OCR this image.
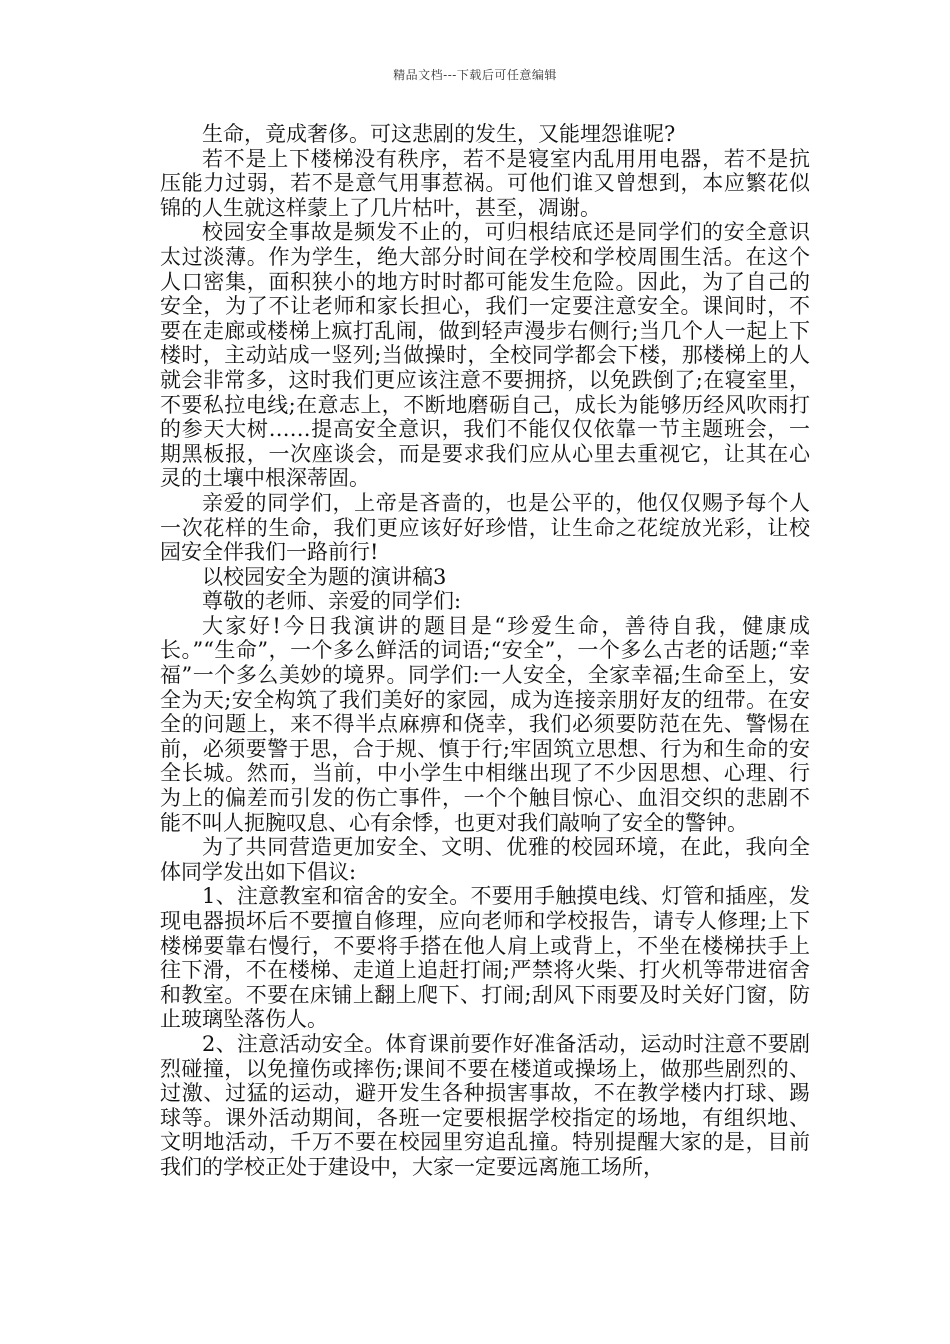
精品文档---下载后可任意编辑

生命，竟成奢侈。可这悲剧的发生，又能埋怨谁呢?

若不是上下楼梯没有秩序，若不是寝室内乱用用电器，若不是抗压能力过弱，若不是意气用事惹祸。可他们谁又曾想到，本应繁花似锦的人生就这样蒙上了几片枯叶，甚至，凋谢。

校园安全事故是频发不止的，可归根结底还是同学们的安全意识太过淡薄。作为学生，绝大部分时间在学校和学校周围生活。在这个人口密集，面积狭小的地方时时都可能发生危险。因此，为了自己的安全，为了不让老师和家长担心，我们一定要注意安全。课间时，不要在走廊或楼梯上疯打乱闹，做到轻声漫步右侧行;当几个人一起上下楼时，主动站成一竖列;当做操时，全校同学都会下楼，那楼梯上的人就会非常多，这时我们更应该注意不要拥挤，以免跌倒了;在寝室里，不要私拉电线;在意志上，不断地磨砺自己，成长为能够历经风吹雨打的参天大树……提高安全意识，我们不能仅仅依靠一节主题班会，一期黑板报，一次座谈会，而是要求我们应从心里去重视它，让其在心灵的土壤中根深蒂固。

亲爱的同学们，上帝是吝啬的，也是公平的，他仅仅赐予每个人一次花样的生命，我们更应该好好珍惜，让生命之花绽放光彩，让校园安全伴我们一路前行!

以校园安全为题的演讲稿3

尊敬的老师、亲爱的同学们:

大家好!今日我演讲的题目是“珍爱生命，善待自我，健康成长。”“生命”，一个多么鲜活的词语;“安全”，一个多么古老的话题;“幸福”一个多么美妙的境界。同学们:一人安全，全家幸福;生命至上，安全为天;安全构筑了我们美好的家园，成为连接亲朋好友的纽带。在安全的问题上，来不得半点麻痹和侥幸，我们必须要防范在先、警惕在前，必须要警于思，合于规、慎于行;牢固筑立思想、行为和生命的安全长城。然而，当前，中小学生中相继出现了不少因思想、心理、行为上的偏差而引发的伤亡事件，一个个触目惊心、血泪交织的悲剧不能不叫人扼腕叹息、心有余悸，也更对我们敲响了安全的警钟。

为了共同营造更加安全、文明、优雅的校园环境，在此，我向全体同学发出如下倡议:

1、注意教室和宿舍的安全。不要用手触摸电线、灯管和插座，发现电器损坏后不要擅自修理，应向老师和学校报告，请专人修理;上下楼梯要靠右慢行，不要将手搭在他人肩上或背上，不坐在楼梯扶手上往下滑，不在楼梯、走道上追赶打闹;严禁将火柴、打火机等带进宿舍和教室。不要在床铺上翻上爬下、打闹;刮风下雨要及时关好门窗，防止玻璃坠落伤人。

2、注意活动安全。体育课前要作好准备活动，运动时注意不要剧烈碰撞，以免撞伤或摔伤;课间不要在楼道或操场上，做那些剧烈的、过激、过猛的运动，避开发生各种损害事故，不在教学楼内打球、踢球等。课外活动期间，各班一定要根据学校指定的场地，有组织地、文明地活动，千万不要在校园里穷追乱撞。特别提醒大家的是，目前我们的学校正处于建设中，大家一定要远离施工场所，
